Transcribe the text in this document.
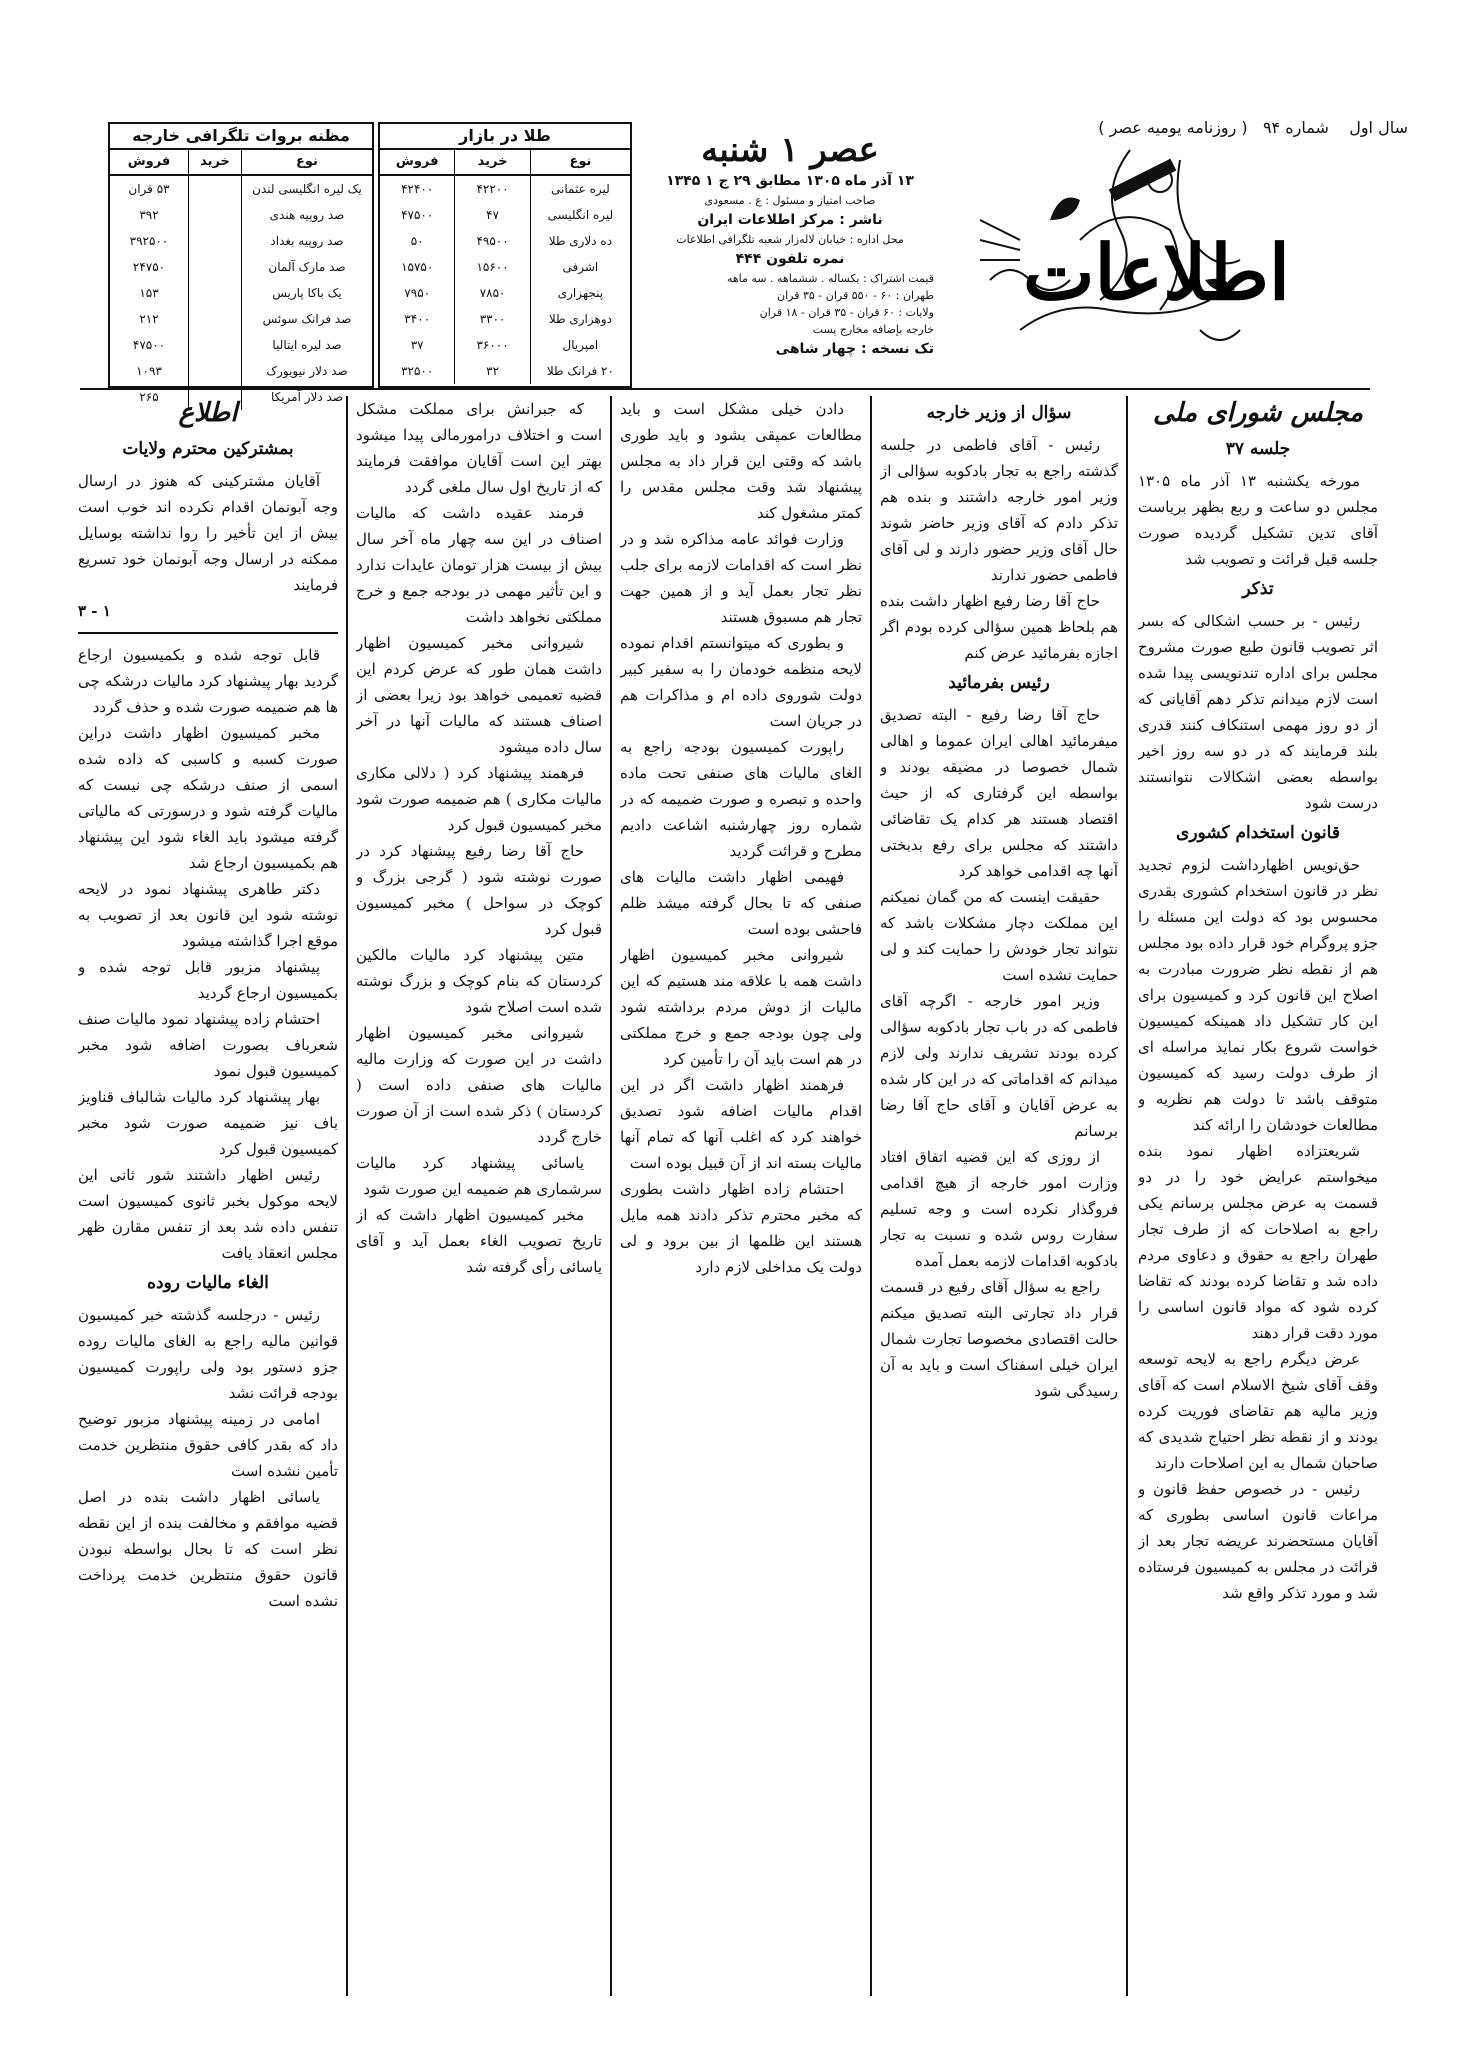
سال اول    شماره ۹۴   ( روزنامه یومیه عصر )
اطلاعات
عصر ۱ شنبه
۱۳ آذر ماه ۱۳۰۵ مطابق ۲۹ ج ۱ ۱۳۴۵
صاحب امتیاز و مسئول : ع . مسعودی
ناشر : مرکز اطلاعات ایران
محل اداره : خیابان لاله‌زار شعبه تلگرافی اطلاعات
نمره تلفون ۴۴۴
قیمت اشتراک : یکساله . ششماهه . سه ماهه
طهران : ۶۰ - ۵۵۰ قران - ۳۵ قران
ولایات : ۶۰ قران - ۳۵ قران - ۱۸ قران
خارجه بإضافه مخارج پست
تک نسخه : چهار شاهی
طلا در بازار
نوع
خرید
فروش
لیره عثمانی
۴۲۲۰۰
۴۲۴۰۰
لیره انگلیسی
۴۷
۴۷۵۰۰
ده دلاری طلا
۴۹۵۰۰
۵۰
اشرفی
۱۵۶۰۰
۱۵۷۵۰
پنجهزاری
۷۸۵۰
۷۹۵۰
دوهزاری طلا
۳۳۰۰
۳۴۰۰
امپریال
۳۶۰۰۰
۳۷
۲۰ فرانک طلا
۳۲
۳۲۵۰۰
مظنه بروات تلگرافی خارجه
نوع
خرید
فروش
یک لیره انگلیسی لندن
۵۳ قران
صد روپیه هندی
۳۹۲
صد روپیه بغداد
۳۹۲۵۰۰
صد مارک آلمان
۲۴۷۵۰
یک باکا پاریس
۱۵۳
صد فرانک سوئس
۲۱۲
صد لیره ایتالیا
۴۷۵۰۰
صد دلار نیویورک
۱۰۹۳
صد دلار آمریکا
۲۶۵
مجلس شورای ملی

جلسه ۳۷

مورخه یکشنبه ۱۳ آذر ماه ۱۳۰۵ مجلس دو ساعت و ربع بظهر بریاست آقای تدین تشکیل گردیده صورت جلسه قبل قرائت و تصویب شد

تذکر

رئیس - بر حسب اشکالی که بسر اثر تصویب قانون طبع صورت مشروح مجلس برای اداره تندنویسی پیدا شده است لازم میدانم تذکر دهم آقایانی که از دو روز مهمی استنکاف کنند قدری بلند فرمایند که در دو سه روز اخیر بواسطه بعضی اشکالات نتوانستند درست شود

قانون استخدام کشوری

حق‌نویس اظهارداشت لزوم تجدید نظر در قانون استخدام کشوری بقدری محسوس بود که دولت این مسئله را جزو پروگرام خود قرار داده بود مجلس هم از نقطه نظر ضرورت مبادرت به اصلاح این قانون کرد و کمیسیون برای این کار تشکیل داد همینکه کمیسیون خواست شروع بکار نماید مراسله ای از طرف دولت رسید که کمیسیون متوقف باشد تا دولت هم نظریه و مطالعات خودشان را ارائه کند

شریعتزاده اظهار نمود بنده میخواستم عرایض خود را در دو قسمت به عرض مجلس برسانم یکی راجع به اصلاحات که از طرف تجار طهران راجع به حقوق و دعاوی مردم داده شد و تقاضا کرده بودند که تقاضا کرده شود که مواد قانون اساسی را مورد دقت قرار دهند

عرض دیگرم راجع به لایحه توسعه وقف آقای شیخ الاسلام است که آقای وزیر مالیه هم تقاضای فوریت کرده بودند و از نقطه نظر احتیاج شدیدی که صاحبان شمال به این اصلاحات دارند

رئیس - در خصوص حفظ قانون و مراعات قانون اساسی بطوری که آقایان مستحضرند عریضه تجار بعد از قرائت در مجلس به کمیسیون فرستاده شد و مورد تذکر واقع شد

سؤال از وزیر خارجه

رئیس - آقای فاطمی در جلسه گذشته راجع به تجار بادکوبه سؤالی از وزیر امور خارجه داشتند و بنده هم تذکر دادم که آقای وزیر حاضر شوند حال آقای وزیر حضور دارند و لی آقای فاطمی حضور ندارند

حاج آقا رضا رفیع اظهار داشت بنده هم بلحاظ همین سؤالی کرده بودم اگر اجازه بفرمائید عرض کنم

رئیس بفرمائید

حاج آقا رضا رفیع - البته تصدیق میفرمائید اهالی ایران عموما و اهالی شمال خصوصا در مضیقه بودند و بواسطه این گرفتاری که از حیث اقتصاد هستند هر کدام یک تقاضائی داشتند که مجلس برای رفع بدبختی آنها چه اقدامی خواهد کرد

حقیقت اینست که من گمان نمیکنم این مملکت دچار مشکلات باشد که نتواند تجار خودش را حمایت کند و لی حمایت نشده است

وزیر امور خارجه - اگرچه آقای فاطمی که در باب تجار بادکوبه سؤالی کرده بودند تشریف ندارند ولی لازم میدانم که اقداماتی که در این کار شده به عرض آقایان و آقای حاج آقا رضا برسانم

از روزی که این قضیه اتفاق افتاد وزارت امور خارجه از هیچ اقدامی فروگذار نکرده است و وجه تسلیم سفارت روس شده و نسبت به تجار بادکوبه اقدامات لازمه بعمل آمده

راجع به سؤال آقای رفیع در قسمت قرار داد تجارتی البته تصدیق میکنم حالت اقتصادی مخصوصا تجارت شمال ایران خیلی اسفناک است و باید به آن رسیدگی شود

دادن خیلی مشکل است و باید مطالعات عمیقی بشود و باید طوری باشد که وقتی این قرار داد به مجلس پیشنهاد شد وقت مجلس مقدس را کمتر مشغول کند

وزارت فوائد عامه مذاکره شد و در نظر است که اقدامات لازمه برای جلب نظر تجار بعمل آید و از همین جهت تجار هم مسبوق هستند

و بطوری که میتوانستم اقدام نموده لایحه منظمه خودمان را به سفیر کبیر دولت شوروی داده ام و مذاکرات هم در جریان است

راپورت کمیسیون بودجه راجع به الغای مالیات های صنفی تحت ماده واحده و تبصره و صورت ضمیمه که در شماره روز چهارشنبه اشاعت دادیم مطرح و قرائت گردید

فهیمی اظهار داشت مالیات های صنفی که تا بحال گرفته میشد ظلم فاحشی بوده است

شیروانی مخبر کمیسیون اظهار داشت همه با علاقه مند هستیم که این مالیات از دوش مردم برداشته شود ولی چون بودجه جمع و خرج مملکتی در هم است باید آن را تأمین کرد

فرهمند اظهار داشت اگر در این اقدام مالیات اضافه شود تصدیق خواهند کرد که اغلب آنها که تمام آنها مالیات بسته اند از آن قبیل بوده است

احتشام زاده اظهار داشت بطوری که مخبر محترم تذکر دادند همه مایل هستند این ظلمها از بین برود و لی دولت یک مداخلی لازم دارد

که جبرانش برای مملکت مشکل است و اختلاف درامورمالی پیدا میشود بهتر این است آقایان موافقت فرمایند که از تاریخ اول سال ملغی گردد

فرمند عقیده داشت که مالیات اصناف در این سه چهار ماه آخر سال بیش از بیست هزار تومان عایدات ندارد و این تأثیر مهمی در بودجه جمع و خرج مملکتی نخواهد داشت

شیروانی مخبر کمیسیون اظهار داشت همان طور که عرض کردم این قضیه تعمیمی خواهد بود زیرا بعضی از اصناف هستند که مالیات آنها در آخر سال داده میشود

فرهمند پیشنهاد کرد ( دلالی مکاری مالیات مکاری ) هم ضمیمه صورت شود مخبر کمیسیون قبول کرد

حاج آقا رضا رفیع پیشنهاد کرد در صورت نوشته شود ( گرجی بزرگ و کوچک در سواحل ) مخبر کمیسیون قبول کرد

متین پیشنهاد کرد مالیات مالکین کردستان که بنام کوچک و بزرگ نوشته شده است اصلاح شود

شیروانی مخبر کمیسیون اظهار داشت در این صورت که وزارت مالیه مالیات های صنفی داده است ( کردستان ) ذکر شده است از آن صورت خارج گردد

یاسائی پیشنهاد کرد مالیات سرشماری هم ضمیمه این صورت شود

مخبر کمیسیون اظهار داشت که از تاریخ تصویب الغاء بعمل آید و آقای یاسائی رأی گرفته شد

اطلاع

بمشترکین محترم ولایات

آقایان مشترکینی که هنوز در ارسال وجه آبونمان اقدام نکرده اند خوب است بیش از این تأخیر را روا نداشته بوسایل ممکنه در ارسال وجه آبونمان خود تسریع فرمایند

۱ - ۳

قابل توجه شده و بکمیسیون ارجاع گردید بهار پیشنهاد کرد مالیات درشکه چی ها هم ضمیمه صورت شده و حذف گردد

مخبر کمیسیون اظهار داشت دراین صورت کسبه و کاسبی که داده شده اسمی از صنف درشکه چی نیست که مالیات گرفته شود و درسورتی که مالیاتی گرفته میشود باید الغاء شود این پیشنهاد هم بکمیسیون ارجاع شد

دکتر طاهری پیشنهاد نمود در لایحه نوشته شود این قانون بعد از تصویب به موقع اجرا گذاشته میشود

پیشنهاد مزبور قابل توجه شده و بکمیسیون ارجاع گردید

احتشام زاده پیشنهاد نمود مالیات صنف شعرباف بصورت اضافه شود مخبر کمیسیون قبول نمود

بهار پیشنهاد کرد مالیات شالباف قناویز باف نیز ضمیمه صورت شود مخبر کمیسیون قبول کرد

رئیس اظهار داشتند شور ثانی این لایحه موکول بخبر ثانوی کمیسیون است تنفس داده شد بعد از تنفس مقارن ظهر مجلس انعقاد یافت

الغاء مالیات روده

رئیس - درجلسه گذشته خبر کمیسیون قوانین مالیه راجع به الغای مالیات روده جزو دستور بود ولی راپورت کمیسیون بودجه قرائت نشد

امامی در زمینه پیشنهاد مزبور توضیح داد که بقدر کافی حقوق منتظرین خدمت تأمین نشده است

یاسائی اظهار داشت بنده در اصل قضیه موافقم و مخالفت بنده از این نقطه نظر است که تا بحال بواسطه نبودن قانون حقوق منتظرین خدمت پرداخت نشده است
